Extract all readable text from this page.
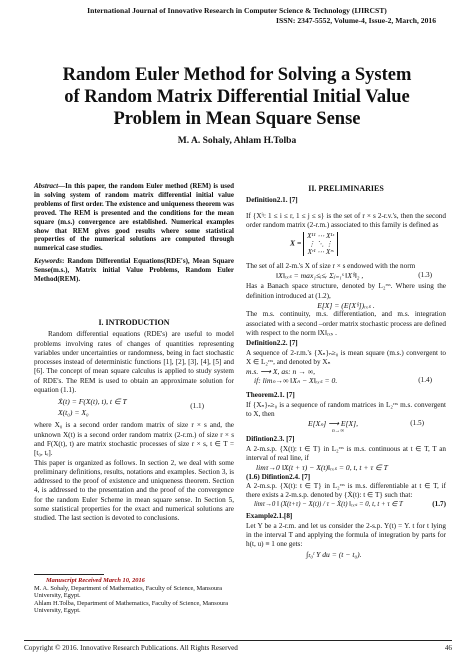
International Journal of Innovative Research in Computer Science & Technology (IJIRCST)
ISSN: 2347-5552, Volume-4, Issue-2, March, 2016
Random Euler Method for Solving a System
of Random Matrix Differential Initial Value
Problem in Mean Square Sense
M. A. Sohaly, Ahlam H.Tolba
Abstract—In this paper, the random Euler method (REM) is used in solving system of random matrix differential initial value problems of first order. The existence and uniqueness theorem was proved. The REM is presented and the conditions for the mean square (m.s.) convergence are established. Numerical examples show that REM gives good results where some statistical properties of the numerical solutions are computed through numerical case studies.
Keywords: Random Differential Equations(RDE's), Mean Square Sense(m.s.), Matrix initial Value Problems, Random Euler Method(REM).
I. INTRODUCTION
Random differential equations (RDE's) are useful to model problems involving rates of changes of quantities representing variables under uncertainties or randomness, being in fact stochastic processes instead of deterministic functions [1], [2], [3], [4], [5] and [6]. The concept of mean square calculus is applied to study system of RDE's. The REM is used to obtain an approximate solution for equation (1.1).
Ẋ(t) = F(X(t), t), t ∈ T
X(t₀) = X₀
(1.1)
where X₀ is a second order random matrix of size r × s and, the unknown X(t) is a second order random matrix (2-r.m.) of size r × s and F(X(t), t) are matrix stochastic processes of size r × s, t ∈ T = [t₀, tₑ].
This paper is organized as follows. In section 2, we deal with some preliminary definitions, results, notations and examples. Section 3, is addressed to the proof of existence and uniqueness theorem. Section 4, is addressed to the presentation and the proof of the convergence for the random Euler Scheme in mean square sense. In Section 5, some statistical properties for the exact and numerical solutions are studied. The last section is devoted to conclusions.
Manuscript Received March 10, 2016
M. A. Sohaly, Department of Mathematics, Faculty of Science, Mansoura University, Egypt.
Ahlam H.Tolba, Department of Mathematics, Faculty of Science, Mansoura University, Egypt.
II. PRELIMINARIES
Definition2.1. [7]
If {Xⁱʲ: 1 ≤ i ≤ r, 1 ≤ j ≤ s} is the set of r × s 2-r.v.'s, then the second order random matrix (2-r.m.) associated to this family is defined as
X =
X¹¹ ⋯ X¹ˢ
⋮ ⋱ ⋮
Xʳ¹ ⋯ Xʳˢ
The set of all 2-m.'s X of size r × s endowed with the norm
‖X‖ᵣₓₛ = max₁≤ᵢ≤ᵣ Σⱼ₌₁ˢ ‖Xⁱʲ‖₂ ,	(1.3)
Has a Banach space structure, denoted by L₂ʳˣˢ. Where using the definition introduced at (1.2),
E[X] = (E[Xⁱʲ])ᵣₓₛ .
The m.s. continuity, m.s. differentiation, and m.s. integration associated with a second –order matrix stochastic process are defined with respect to the norm ‖X‖ᵣₓₛ .
Definition2.2. [7]
A sequence of 2-r.m.'s {Xₙ}ₙ≥₀ is mean square (m.s.) convergent to X ∈ L₂ʳˣˢ, and denoted by Xₙ
m.s. ⟶ X, as: n → ∞,
if: limₙ→∞ ‖Xₙ − X‖ᵣₓₛ = 0.	(1.4)
Theorem2.1. [7]
If {Xₙ}ₙ≥₀ is a sequence of random matrices in L₂ʳˣˢ m.s. convergent to X, then
E[Xₙ] ⟶ E[X],
n→∞
(1.5)
Difintion2.3. [7]
A 2-m.s.p. {X(t): t ∈ T} in L₂ʳˣˢ is m.s. continuous at t ∈ T, T an interval of real line, if
limτ→0 ‖X(t + τ) − X(t)‖ᵣₓₛ = 0, t, t + τ ∈ T
(1.6) Difintion2.4. [7]
A 2-m.s.p. {X(t): t ∈ T} in L₂ʳˣˢ is m.s. differentiable at t ∈ T, if there exists a 2-m.s.p. denoted by {Ẋ(t): t ∈ T} such that:
limτ→0 ‖ (X(t+τ) − X(t)) / τ − Ẋ(t) ‖ᵣₓₛ = 0, t, t + τ ∈ T	(1.7)
Example2.1.[8]
Let Y be a 2-r.m. and let us consider the 2-s.p. Y(t) = Y. t for t lying in the interval T and applying the formula of integration by parts for h(t, u) ≡ 1 one gets:
∫ₜ₀ᵗ Y du = (t − t₀).
Copyright © 2016. Innovative Research Publications. All Rights Reserved	46
